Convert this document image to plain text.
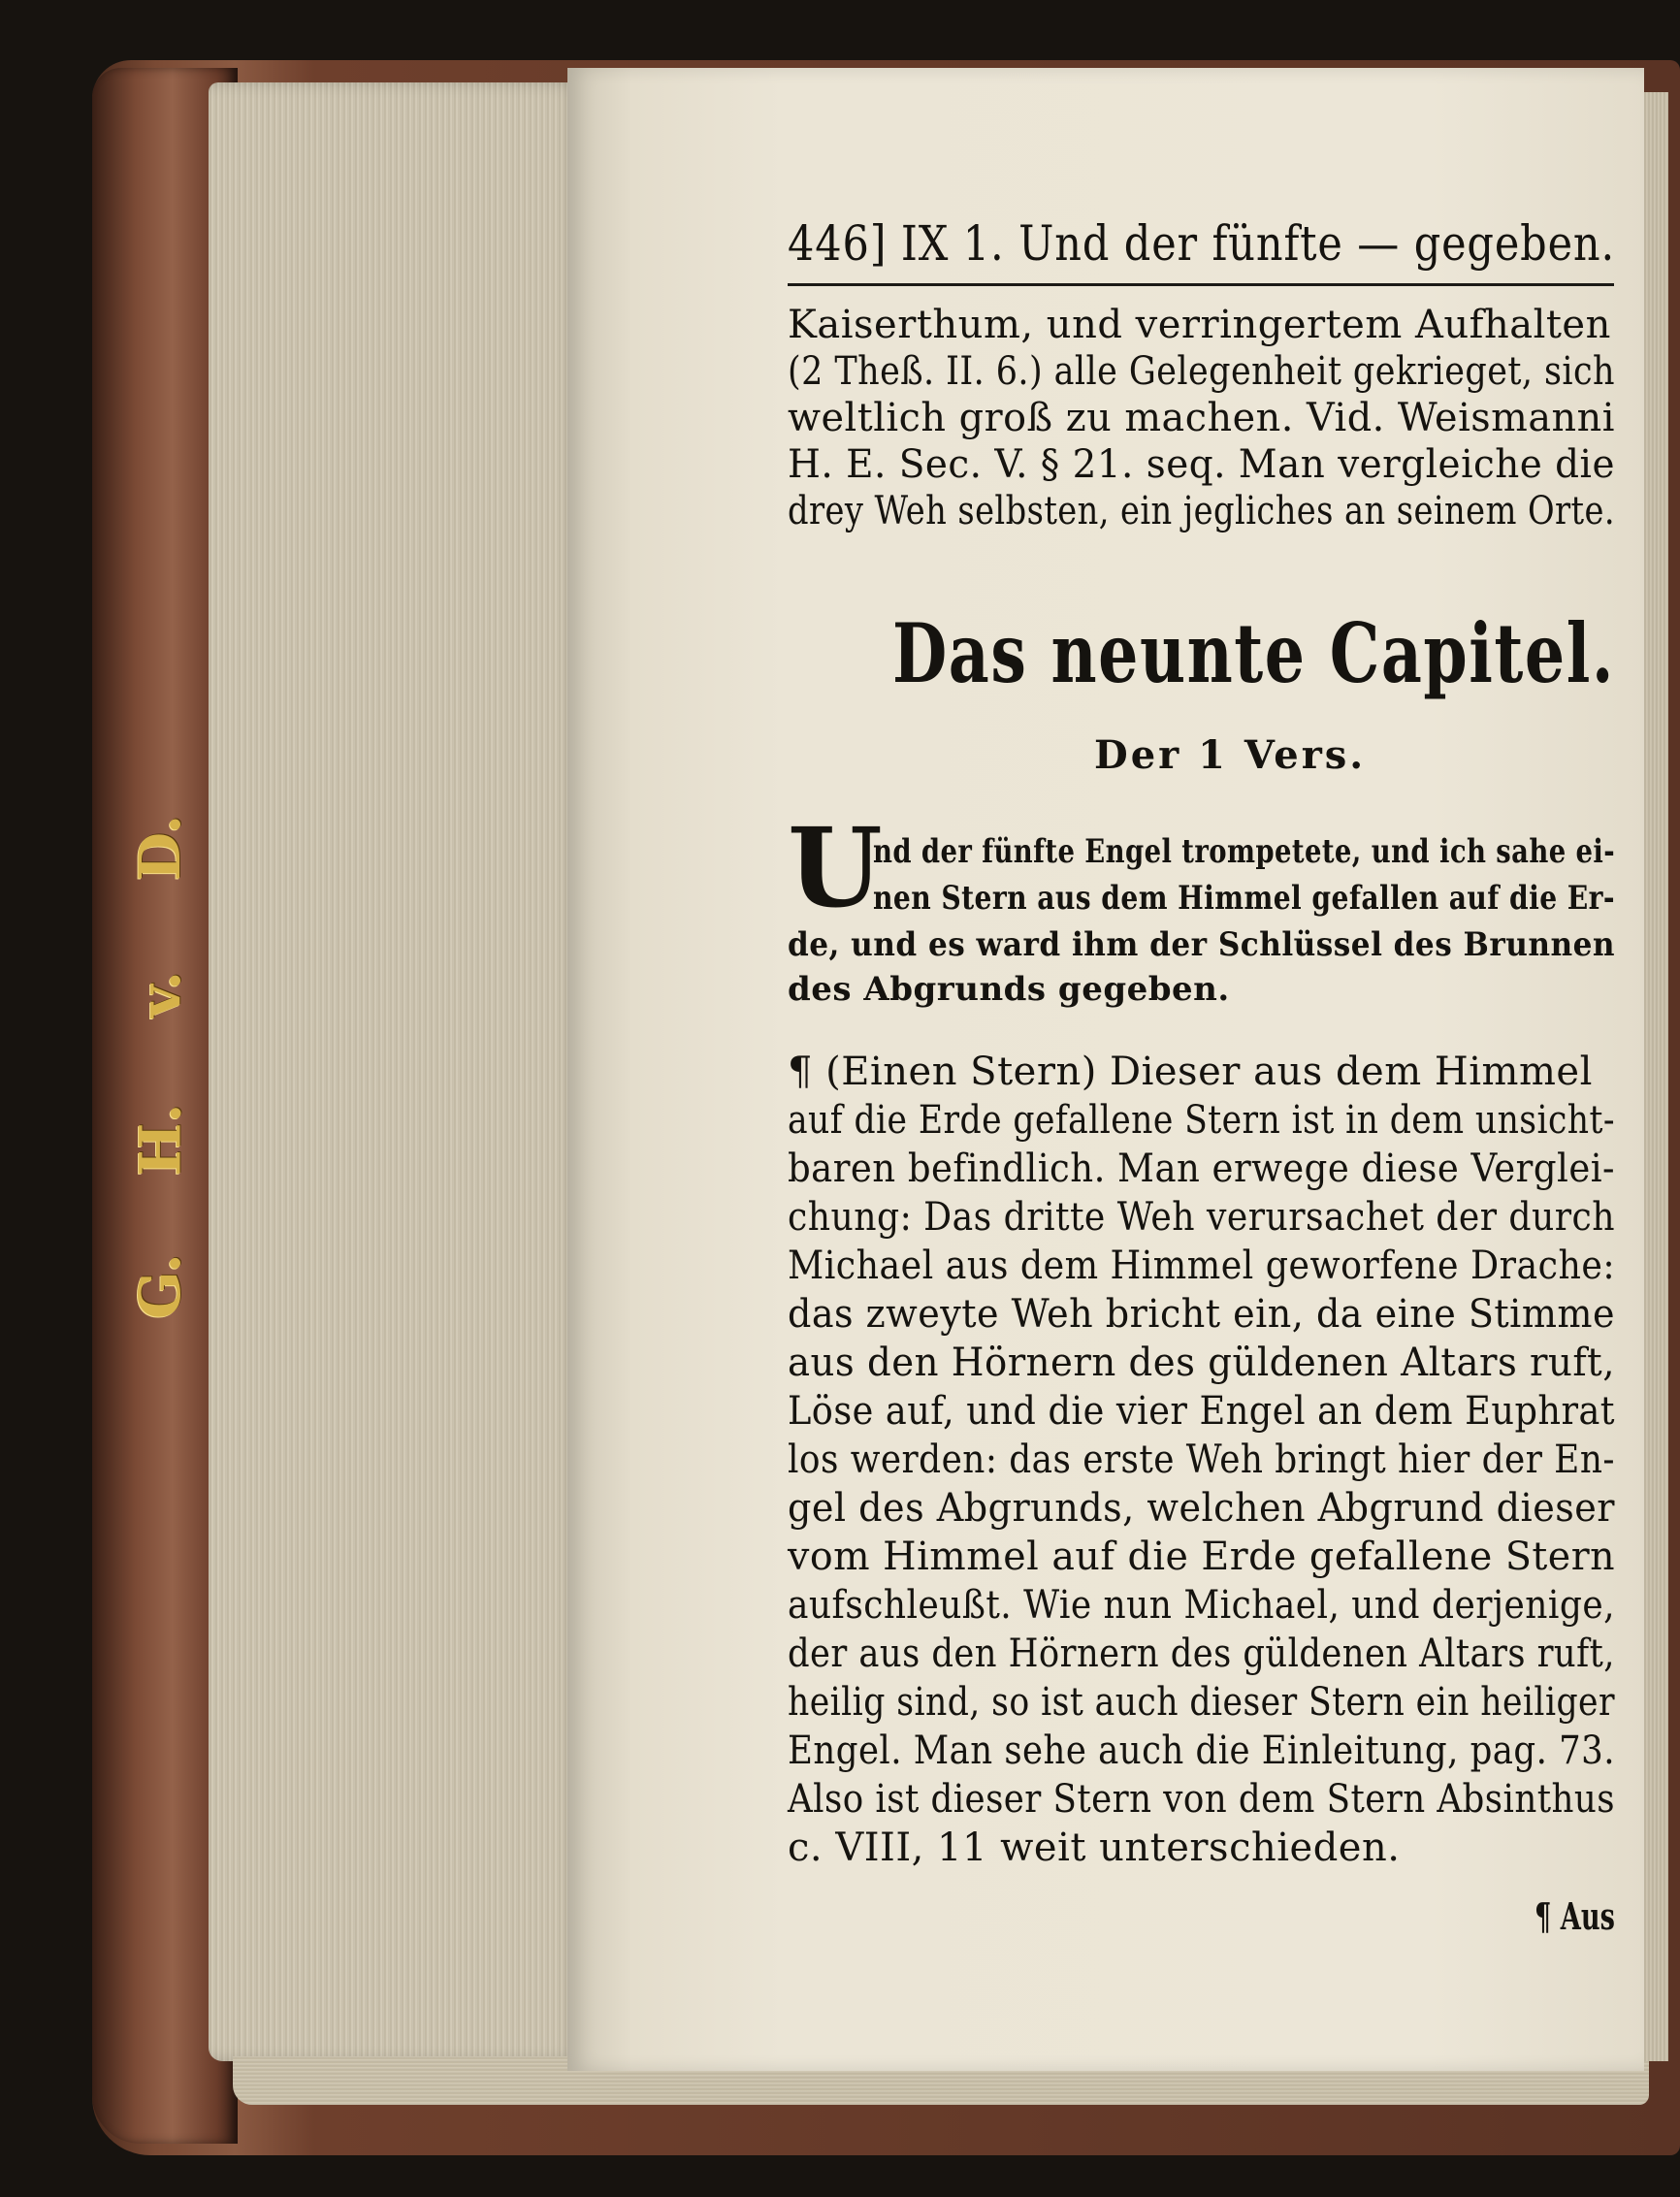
D.
v.
H.
G.
446] IX 1. Und der fünfte — gegeben.
Kaiserthum, und verringertem Aufhalten
(2 Theß. II. 6.) alle Gelegenheit gekrieget, sich
weltlich groß zu machen. Vid. Weismanni
H. E. Sec. V. § 21. seq. Man vergleiche die
drey Weh selbsten, ein jegliches an seinem Orte.
Das neunte Capitel.
Der 1 Vers.
U
nd der fünfte Engel trompetete, und ich sahe ei-
nen Stern aus dem Himmel gefallen auf die Er-
de, und es ward ihm der Schlüssel des Brunnen
des Abgrunds gegeben.
¶ (Einen Stern) Dieser aus dem Himmel
auf die Erde gefallene Stern ist in dem unsicht-
baren befindlich. Man erwege diese Verglei-
chung: Das dritte Weh verursachet der durch
Michael aus dem Himmel geworfene Drache:
das zweyte Weh bricht ein, da eine Stimme
aus den Hörnern des güldenen Altars ruft,
Löse auf, und die vier Engel an dem Euphrat
los werden: das erste Weh bringt hier der En-
gel des Abgrunds, welchen Abgrund dieser
vom Himmel auf die Erde gefallene Stern
aufschleußt. Wie nun Michael, und derjenige,
der aus den Hörnern des güldenen Altars ruft,
heilig sind, so ist auch dieser Stern ein heiliger
Engel. Man sehe auch die Einleitung, pag. 73.
Also ist dieser Stern von dem Stern Absinthus
c. VIII, 11 weit unterschieden.
¶ Aus
